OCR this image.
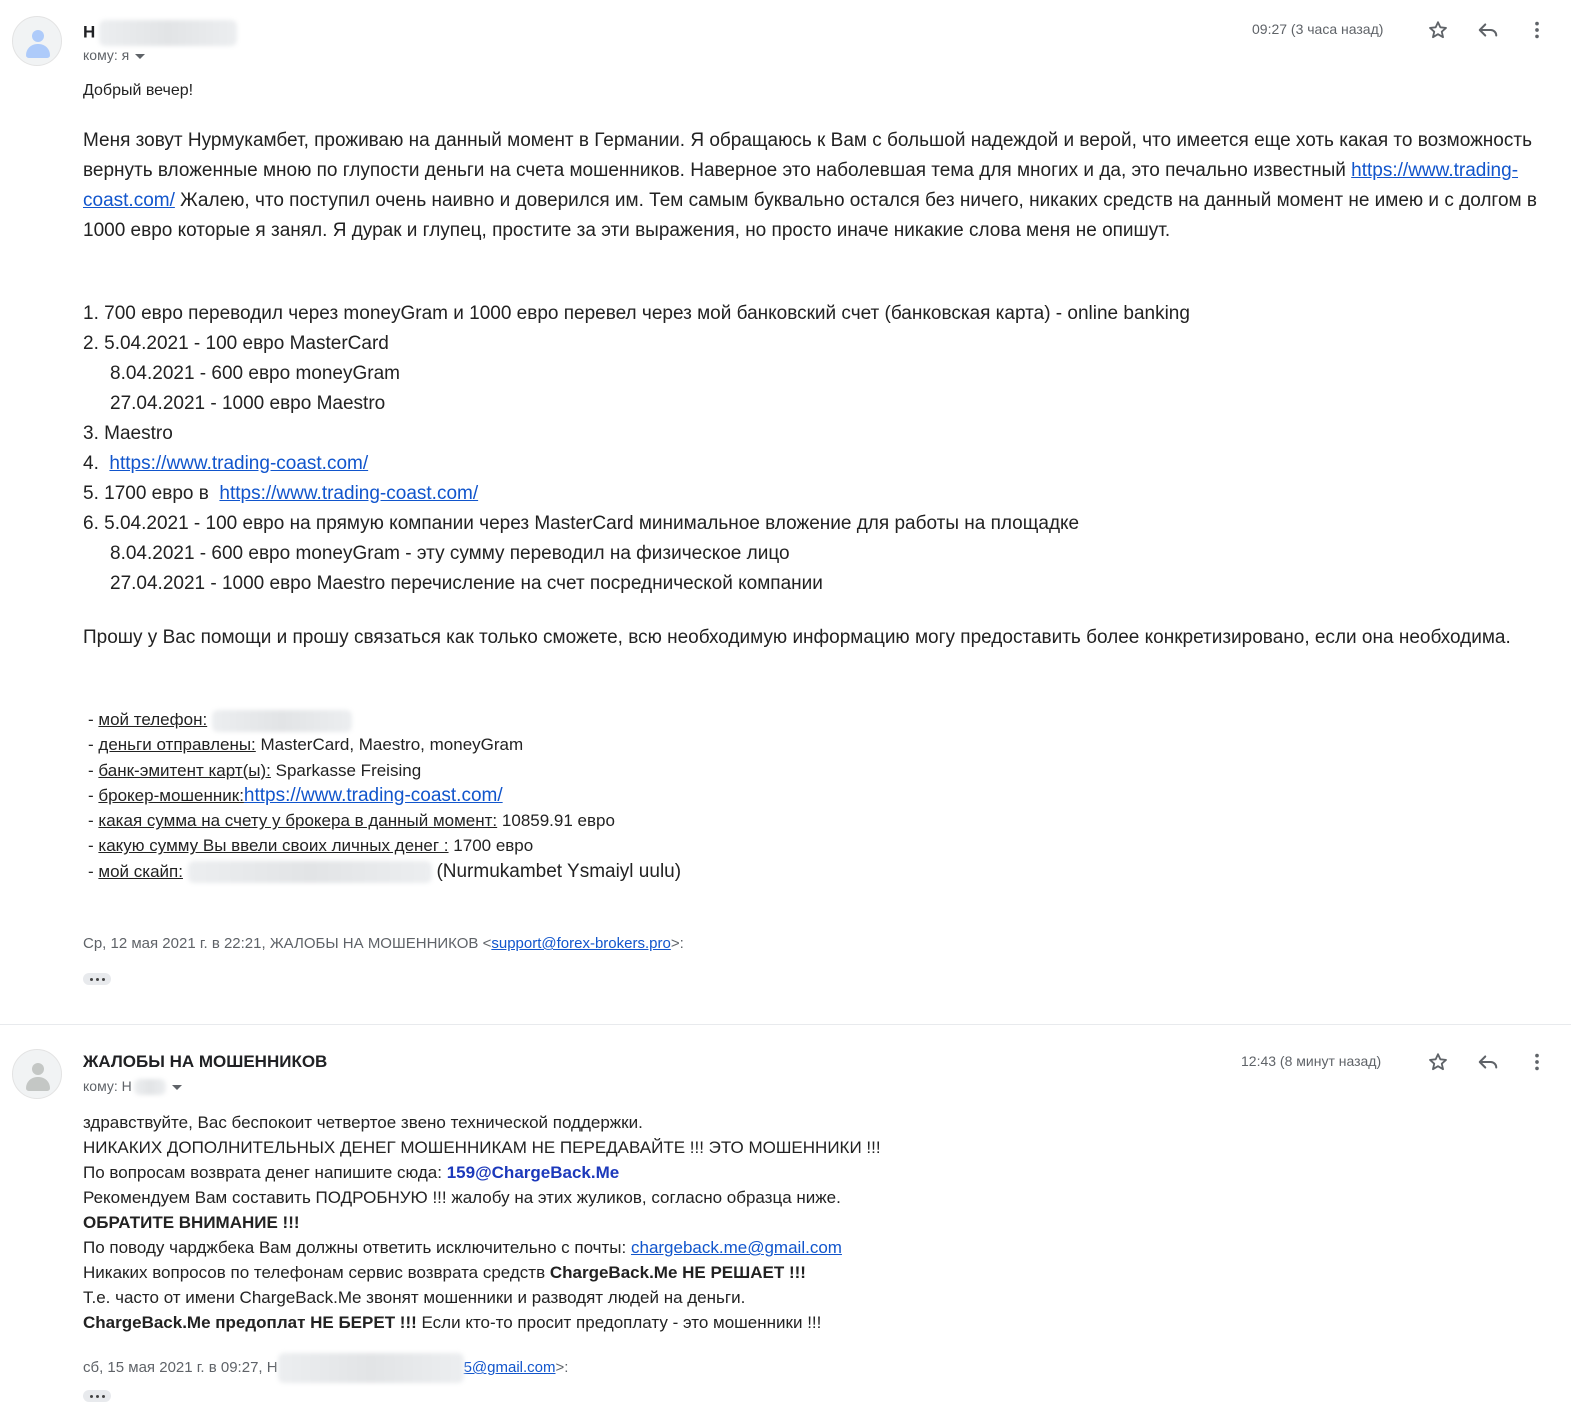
Н
кому: я
09:27 (3 часа назад)
Добрый вечер!
Меня зовут Нурмукамбет, проживаю на данный момент в Германии. Я обращаюсь к Вам с большой надеждой и верой, что имеется еще хоть какая то возможность вернуть вложенные мною по глупости деньги на счета мошенников. Наверное это наболевшая тема для многих и да, это печально известный https://www.trading-coast.com/ Жалею, что поступил очень наивно и доверился им. Тем самым буквально остался без ничего, никаких средств на данный момент не имею и с долгом в 1000 евро которые я занял. Я дурак и глупец, простите за эти выражения, но просто иначе никакие слова меня не опишут.
1. 700 евро переводил через moneyGram и 1000 евро перевел через мой банковский счет (банковская карта) - online banking
2. 5.04.2021 - 100 евро MasterCard
8.04.2021 - 600 евро moneyGram
27.04.2021 - 1000 евро Maestro
3. Maestro
4. https://www.trading-coast.com/
5. 1700 евро в https://www.trading-coast.com/
6. 5.04.2021 - 100 евро на прямую компании через MasterCard минимальное вложение для работы на площадке
8.04.2021 - 600 евро moneyGram - эту сумму переводил на физическое лицо
27.04.2021 - 1000 евро Maestro перечисление на счет посреднической компании
Прошу у Вас помощи и прошу связаться как только сможете, всю необходимую информацию могу предоставить более конкретизировано, если она необходима.
- мой телефон:
- деньги отправлены: MasterCard, Maestro, moneyGram
- банк-эмитент карт(ы): Sparkasse Freising
- брокер-мошенник:https://www.trading-coast.com/
- какая сумма на счету у брокера в данный момент: 10859.91 евро
- какую сумму Вы ввели своих личных денег : 1700 евро
- мой скайп:	(Nurmukambet Ysmaiyl uulu)
Ср, 12 мая 2021 г. в 22:21, ЖАЛОБЫ НА МОШЕННИКОВ <support@forex-brokers.pro>:
ЖАЛОБЫ НА МОШЕННИКОВ
кому: Н
12:43 (8 минут назад)
здравствуйте, Вас беспокоит четвертое звено технической поддержки.
НИКАКИХ ДОПОЛНИТЕЛЬНЫХ ДЕНЕГ МОШЕННИКАМ НЕ ПЕРЕДАВАЙТЕ !!! ЭТО МОШЕННИКИ !!!
По вопросам возврата денег напишите сюда: 159@ChargeBack.Me
Рекомендуем Вам составить ПОДРОБНУЮ !!! жалобу на этих жуликов, согласно образца ниже.
ОБРАТИТЕ ВНИМАНИЕ !!!
По поводу чарджбека Вам должны ответить исключительно с почты: chargeback.me@gmail.com
Никаких вопросов по телефонам сервис возврата средств ChargeBack.Me НЕ РЕШАЕТ !!!
Т.е. часто от имени ChargeBack.Me звонят мошенники и разводят людей на деньги.
ChargeBack.Me предоплат НЕ БЕРЕТ !!! Если кто-то просит предоплату - это мошенники !!!
сб, 15 мая 2021 г. в 09:27, Н	5@gmail.com>:
